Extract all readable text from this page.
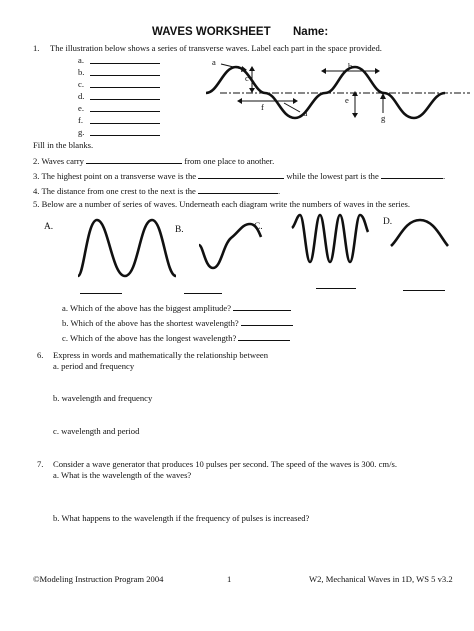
WAVES WORKSHEET Name:
1. The illustration below shows a series of transverse waves. Label each part in the space provided.
a.
b.
c.
d.
e.
f.
g.
a	b
c
d
e
f
g
Fill in the blanks.
2. Waves carry	from one place to another.
3. The highest point on a transverse wave is the	while the lowest part is the	.
4. The distance from one crest to the next is the	.
5. Below are a number of series of waves. Underneath each diagram write the numbers of waves in the series.
A.	B.	C.	D.
a. Which of the above has the biggest amplitude?
b. Which of the above has the shortest wavelength?
c. Which of the above has the longest wavelength?
6. Express in words and mathematically the relationship between
a. period and frequency
b. wavelength and frequency
c. wavelength and period
7. Consider a wave generator that produces 10 pulses per second. The speed of the waves is 300. cm/s.
a. What is the wavelength of the waves?
b. What happens to the wavelength if the frequency of pulses is increased?
©Modeling Instruction Program 2004	1	W2, Mechanical Waves in 1D, WS 5 v3.2
